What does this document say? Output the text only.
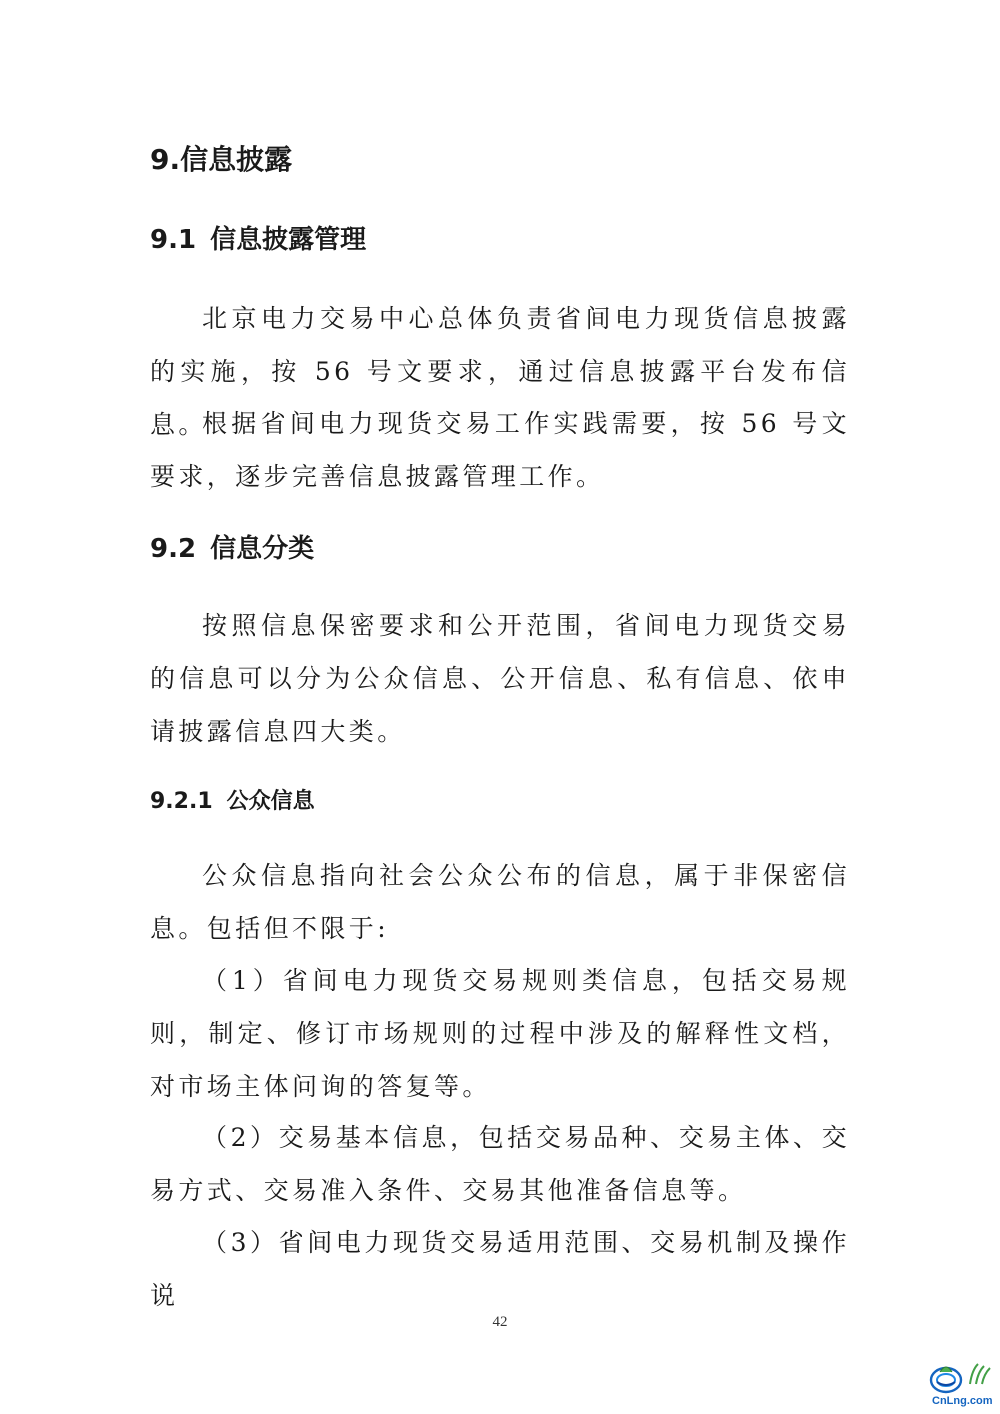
9.信息披露
9.1 信息披露管理

北京电力交易中心总体负责省间电力现货信息披露的实施，按 56 号文要求，通过信息披露平台发布信息。

根据省间电力现货交易工作实践需要，按 56 号文要求，逐步完善信息披露管理工作。

9.2 信息分类

按照信息保密要求和公开范围，省间电力现货交易的信息可以分为公众信息、公开信息、私有信息、依申请披露信息四大类。

9.2.1 公众信息

公众信息指向社会公众公布的信息，属于非保密信息。包括但不限于:

（1）省间电力现货交易规则类信息，包括交易规则，制定、修订市场规则的过程中涉及的解释性文档，对市场主体问询的答复等。

（2）交易基本信息，包括交易品种、交易主体、交易方式、交易准入条件、交易其他准备信息等。

（3）省间电力现货交易适用范围、交易机制及操作说

42
CnLng.com
